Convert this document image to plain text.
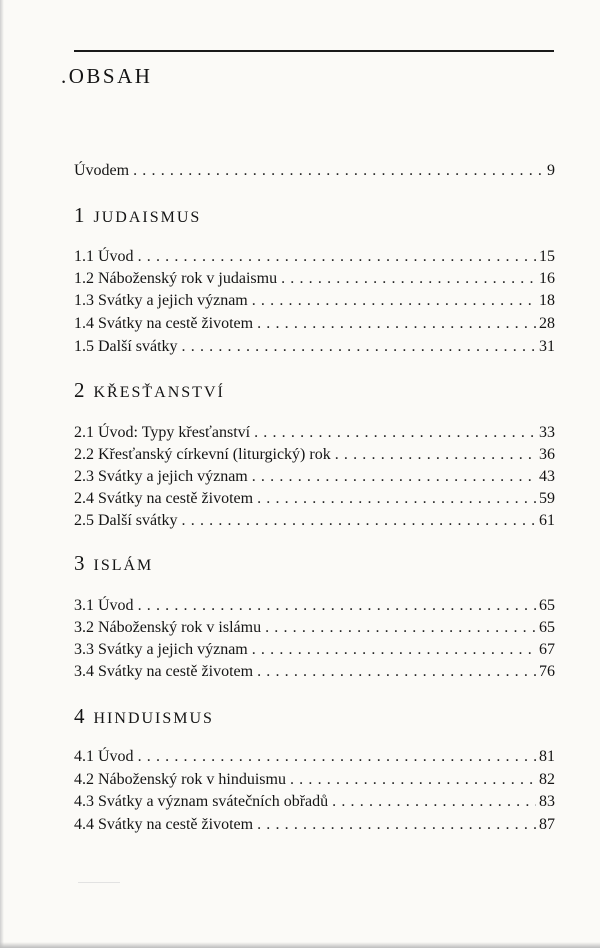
.OBSAH
Úvodem . . .	9
1 JUDAISMUS
1.1 Úvod . . .	15
1.2 Náboženský rok v judaismu . . .	16
1.3 Svátky a jejich význam . . .	18
1.4 Svátky na cestě životem . . .	28
1.5 Další svátky . . .	31
2 KŘESŤANSTVÍ
2.1 Úvod: Typy křesťanství . . .	33
2.2 Křesťanský církevní (liturgický) rok . . .	36
2.3 Svátky a jejich význam . . .	43
2.4 Svátky na cestě životem . . .	59
2.5 Další svátky . . .	61
3 ISLÁM
3.1 Úvod . . .	65
3.2 Náboženský rok v islámu . . .	65
3.3 Svátky a jejich význam . . .	67
3.4 Svátky na cestě životem . . .	76
4 HINDUISMUS
4.1 Úvod . . .	81
4.2 Náboženský rok v hinduismu . . .	82
4.3 Svátky a význam svátečních obřadů . . .	83
4.4 Svátky na cestě životem . . .	87
